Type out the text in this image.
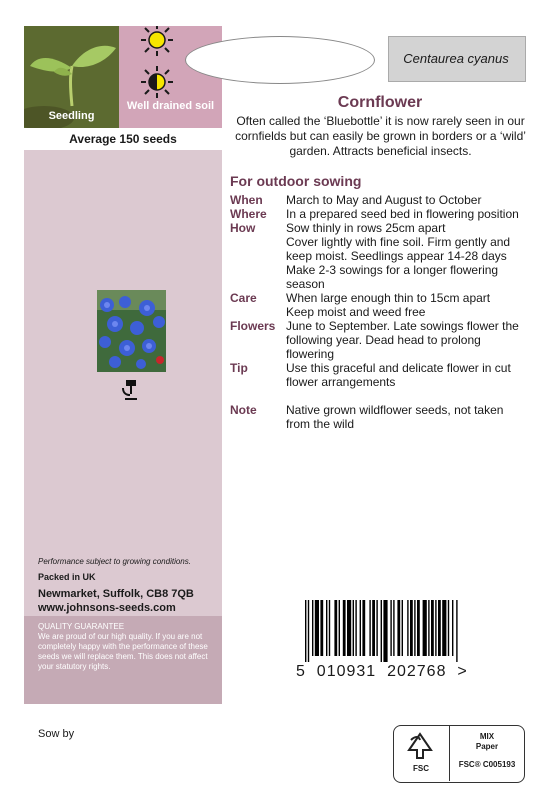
Seedling
Well drained soil
Average 150 seeds
Performance subject to growing conditions.
Packed in UK
Newmarket, Suffolk, CB8 7QB
www.johnsons-seeds.com
QUALITY GUARANTEE
We are proud of our high quality. If you are not completely happy with the performance of these seeds we will replace them. This does not affect your statutory rights.
Centaurea cyanus
Cornflower
Often called the ‘Bluebottle’ it is now rarely seen in our cornfields but can easily be grown in borders or a ‘wild’ garden. Attracts beneficial insects.
For outdoor sowing
When	March to May and August to October
Where	In a prepared seed bed in flowering position
How	Sow thinly in rows 25cm apart
Cover lightly with fine soil. Firm gently and keep moist. Seedlings appear 14-28 days
Make 2-3 sowings for a longer flowering season
Care	When large enough thin to 15cm apart
Keep moist and weed free
Flowers	June to September. Late sowings flower the following year. Dead head to prolong flowering
Tip	Use this graceful and delicate flower in cut flower arrangements

Note	Native grown wildflower seeds, not taken from the wild
5  010931  202768  >
Sow by
FSC
MIX
Paper
FSC® C005193
